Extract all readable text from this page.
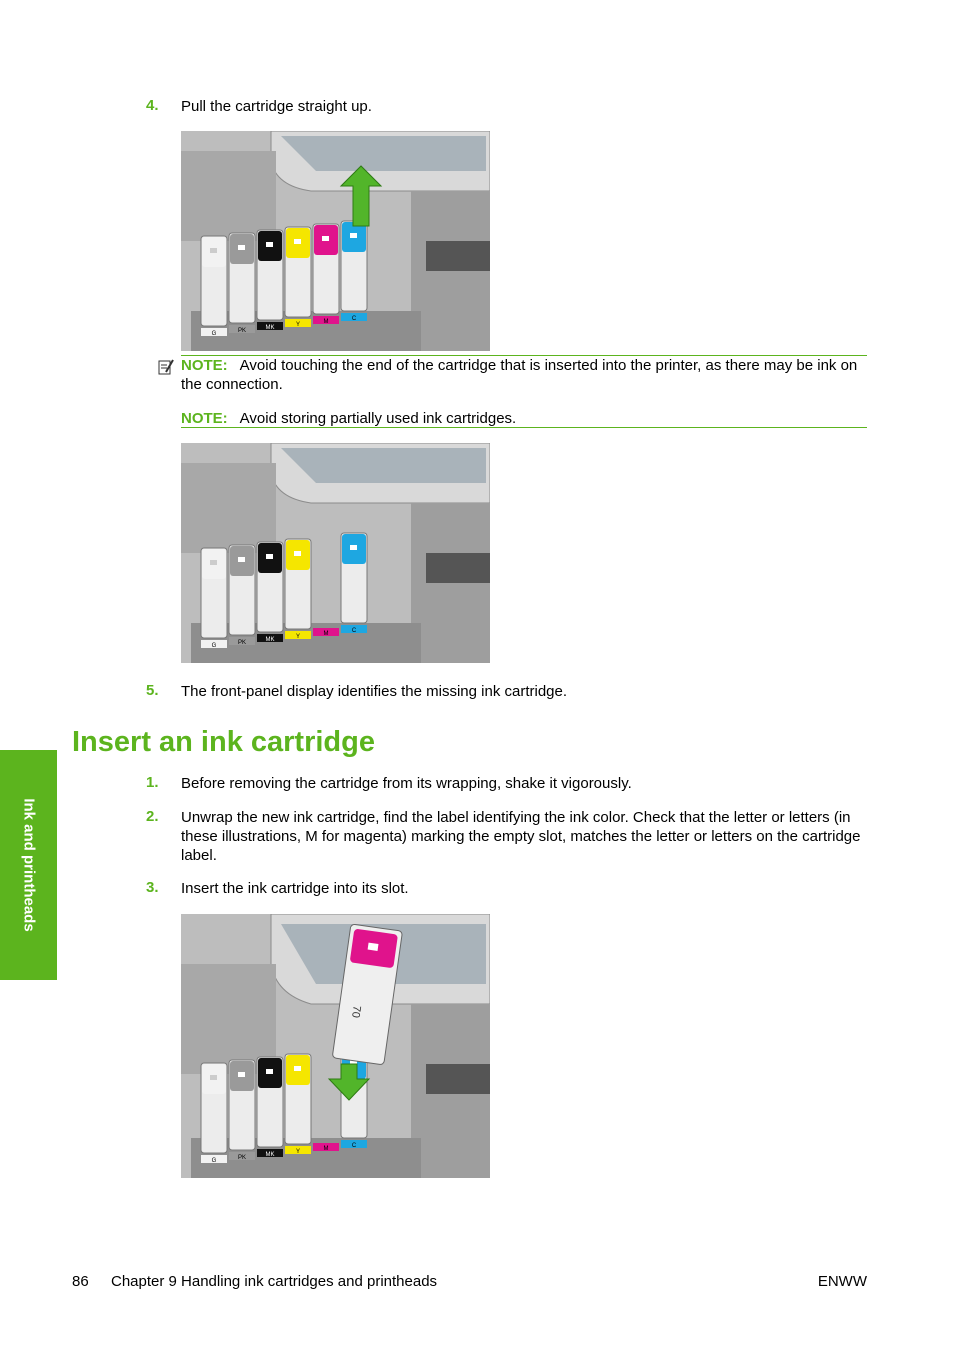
4. Pull the cartridge straight up.
G	PK	MK	Y	M	C
NOTE: Avoid touching the end of the cartridge that is inserted into the printer, as there may be ink on the connection.
NOTE: Avoid storing partially used ink cartridges.
G	PK	MK	Y	M	C
5. The front-panel display identifies the missing ink cartridge.
Insert an ink cartridge
Ink and printheads
1. Before removing the cartridge from its wrapping, shake it vigorously.
2. Unwrap the new ink cartridge, find the label identifying the ink color. Check that the letter or letters (in these illustrations, M for magenta) marking the empty slot, matches the letter or letters on the cartridge label.
3. Insert the ink cartridge into its slot.
G	PK	MK	Y	M	C
70
86 Chapter 9 Handling ink cartridges and printheads	ENWW
